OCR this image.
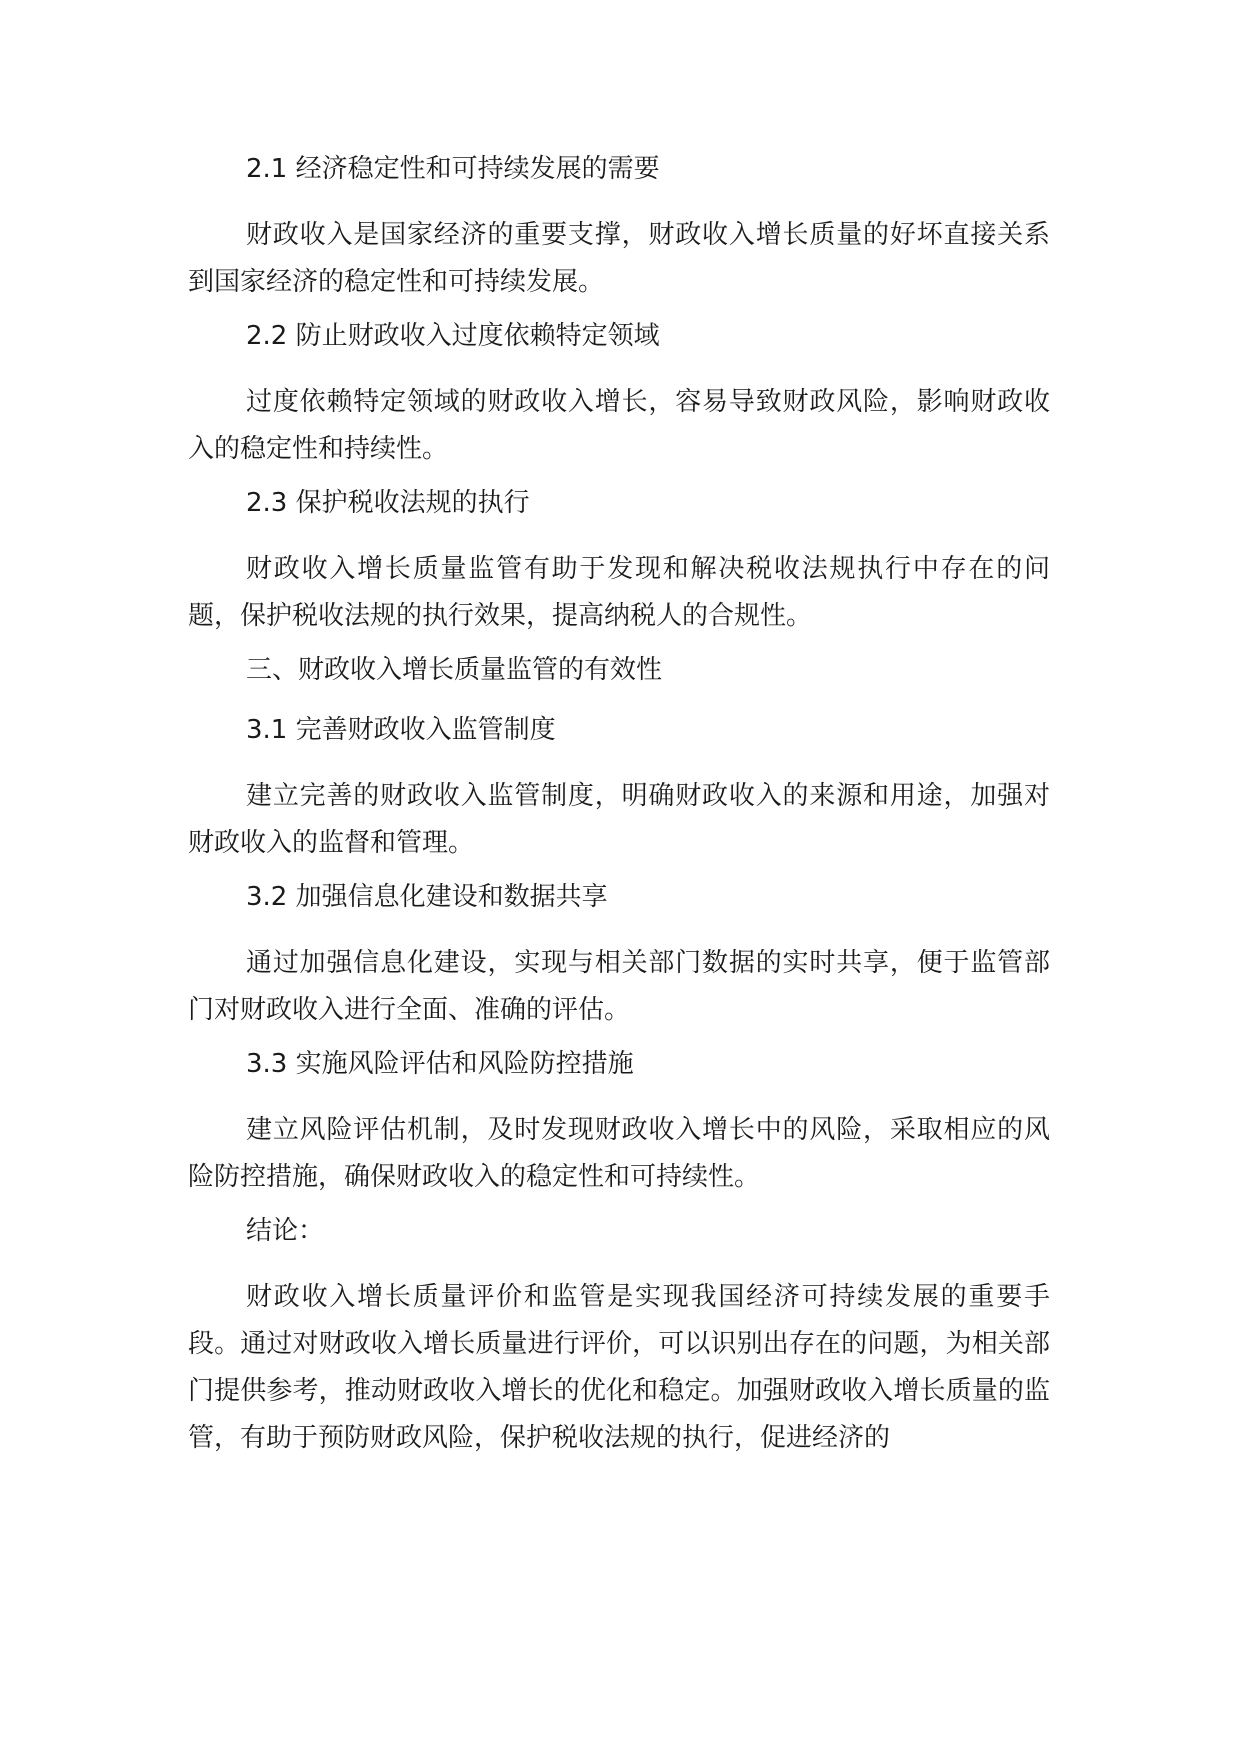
2.1 经济稳定性和可持续发展的需要

财政收入是国家经济的重要支撑，财政收入增长质量的好坏直接关系到国家经济的稳定性和可持续发展。

2.2 防止财政收入过度依赖特定领域

过度依赖特定领域的财政收入增长，容易导致财政风险，影响财政收入的稳定性和持续性。

2.3 保护税收法规的执行

财政收入增长质量监管有助于发现和解决税收法规执行中存在的问题，保护税收法规的执行效果，提高纳税人的合规性。

三、财政收入增长质量监管的有效性

3.1 完善财政收入监管制度

建立完善的财政收入监管制度，明确财政收入的来源和用途，加强对财政收入的监督和管理。

3.2 加强信息化建设和数据共享

通过加强信息化建设，实现与相关部门数据的实时共享，便于监管部门对财政收入进行全面、准确的评估。

3.3 实施风险评估和风险防控措施

建立风险评估机制，及时发现财政收入增长中的风险，采取相应的风险防控措施，确保财政收入的稳定性和可持续性。

结论：

财政收入增长质量评价和监管是实现我国经济可持续发展的重要手段。通过对财政收入增长质量进行评价，可以识别出存在的问题，为相关部门提供参考，推动财政收入增长的优化和稳定。加强财政收入增长质量的监管，有助于预防财政风险，保护税收法规的执行，促进经济的
